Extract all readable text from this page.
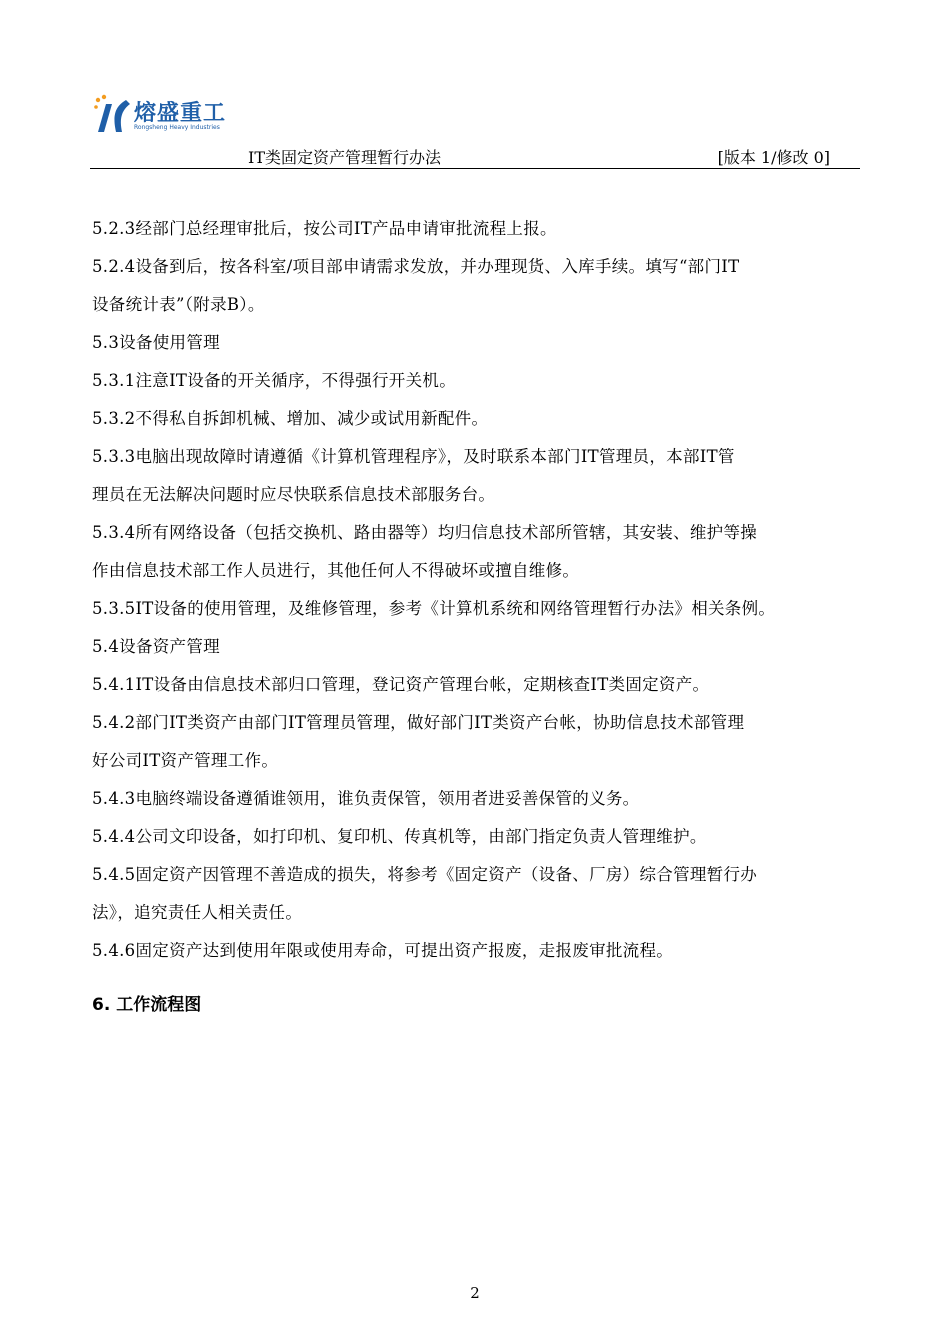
熔盛重工
Rongsheng Heavy Industries
IT类固定资产管理暂行办法	[版本 1/修改 0]

5.2.3经部门总经理审批后，按公司IT产品申请审批流程上报。

5.2.4设备到后，按各科室/项目部申请需求发放，并办理现货、入库手续。填写“部门IT

设备统计表”（附录B）。

5.3设备使用管理

5.3.1注意IT设备的开关循序，不得强行开关机。

5.3.2不得私自拆卸机械、增加、减少或试用新配件。

5.3.3电脑出现故障时请遵循《计算机管理程序》，及时联系本部门IT管理员，本部IT管

理员在无法解决问题时应尽快联系信息技术部服务台。

5.3.4所有网络设备（包括交换机、路由器等）均归信息技术部所管辖，其安装、维护等操

作由信息技术部工作人员进行，其他任何人不得破坏或擅自维修。

5.3.5IT设备的使用管理，及维修管理，参考《计算机系统和网络管理暂行办法》相关条例。

5.4设备资产管理

5.4.1IT设备由信息技术部归口管理，登记资产管理台帐，定期核查IT类固定资产。

5.4.2部门IT类资产由部门IT管理员管理，做好部门IT类资产台帐，协助信息技术部管理

好公司IT资产管理工作。

5.4.3电脑终端设备遵循谁领用，谁负责保管，领用者进妥善保管的义务。

5.4.4公司文印设备，如打印机、复印机、传真机等，由部门指定负责人管理维护。

5.4.5固定资产因管理不善造成的损失，将参考《固定资产（设备、厂房）综合管理暂行办

法》，追究责任人相关责任。

5.4.6固定资产达到使用年限或使用寿命，可提出资产报废，走报废审批流程。

6. 工作流程图
2
